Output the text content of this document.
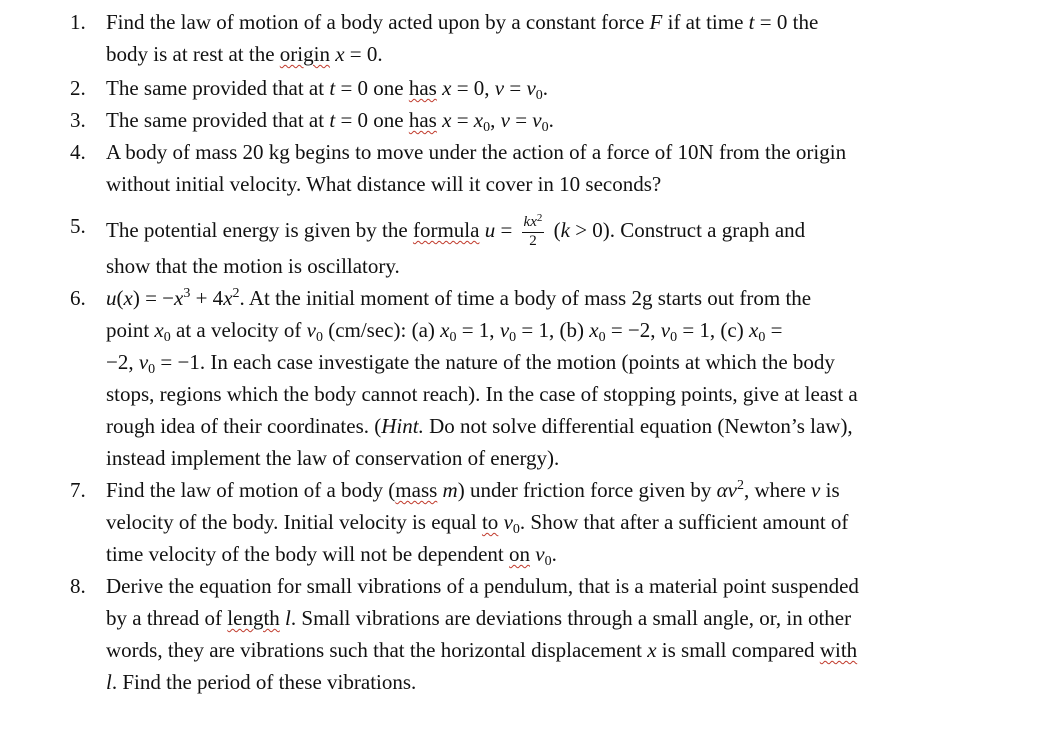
1. Find the law of motion of a body acted upon by a constant force F if at time t = 0 the
body is at rest at the origin x = 0.
2. The same provided that at t = 0 one has x = 0, v = v0.
3. The same provided that at t = 0 one has x = x0, v = v0.
4. A body of mass 20 kg begins to move under the action of a force of 10N from the origin
without initial velocity. What distance will it cover in 10 seconds?
5. The potential energy is given by the formula $u = \frac{kx^2}{2} (k > 0)$. Construct a graph and
show that the motion is oscillatory.
6. $u(x) = -x^3 + 4x^2$. At the initial moment of time a body of mass 2g starts out from the
point x0 at a velocity of v0 (cm/sec): (a) x0 = 1, v0 = 1, (b) x0 = −2, v0 = 1, (c) x0 =
−2, v0 = −1. In each case investigate the nature of the motion (points at which the body
stops, regions which the body cannot reach). In the case of stopping points, give at least a
rough idea of their coordinates. (Hint. Do not solve differential equation (Newton’s law),
instead implement the law of conservation of energy).
7. Find the law of motion of a body (mass m) under friction force given by $\alpha v^2$, where v is
velocity of the body. Initial velocity is equal to v0. Show that after a sufficient amount of
time velocity of the body will not be dependent on v0.
8. Derive the equation for small vibrations of a pendulum, that is a material point suspended
by a thread of length l. Small vibrations are deviations through a small angle, or, in other
words, they are vibrations such that the horizontal displacement x is small compared with
l. Find the period of these vibrations.
